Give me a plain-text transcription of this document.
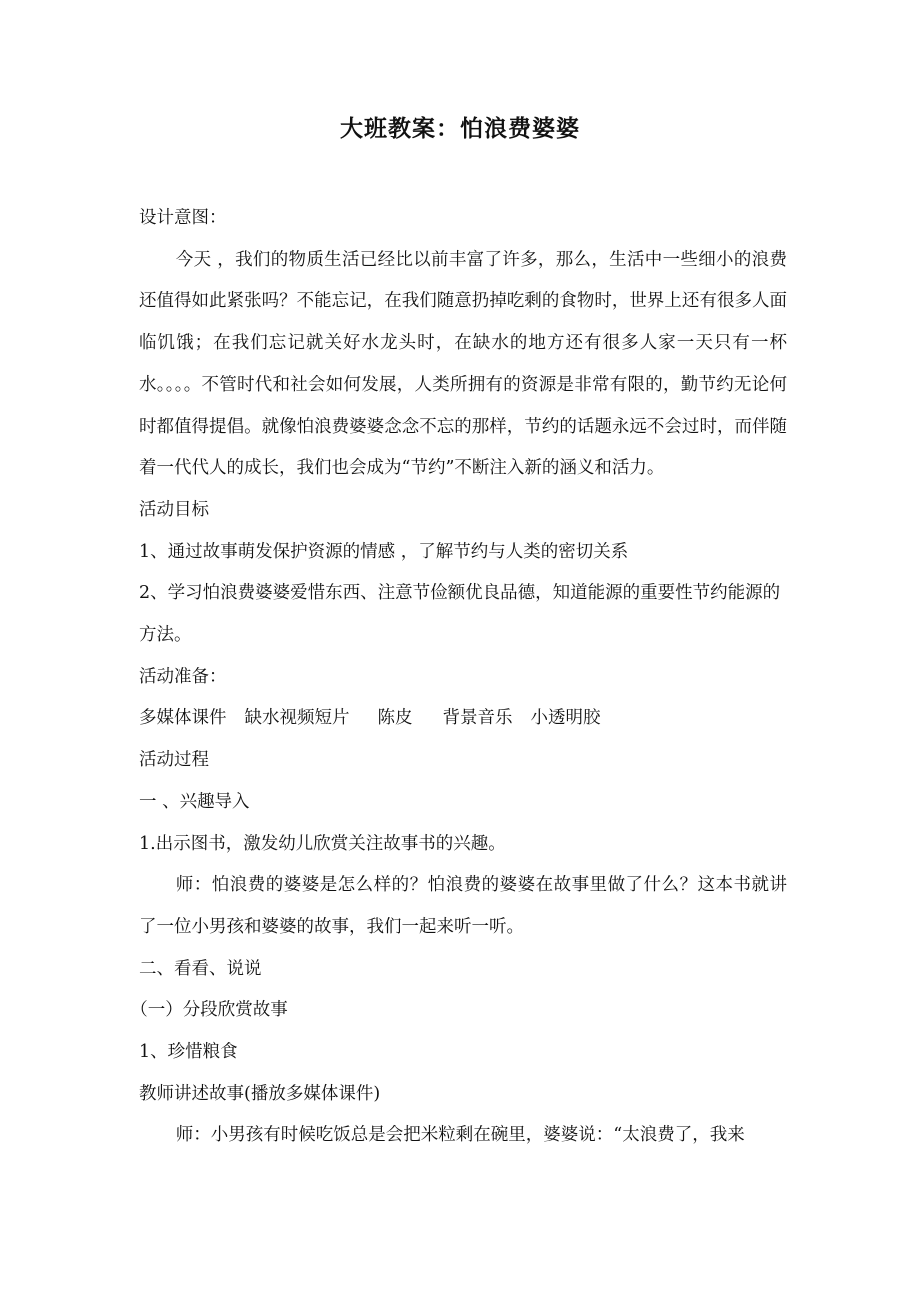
大班教案：怕浪费婆婆

设计意图：

今天 ，我们的物质生活已经比以前丰富了许多，那么，生活中一些细小的浪费还值得如此紧张吗？不能忘记，在我们随意扔掉吃剩的食物时，世界上还有很多人面临饥饿；在我们忘记就关好水龙头时，在缺水的地方还有很多人家一天只有一杯水。。。。不管时代和社会如何发展，人类所拥有的资源是非常有限的，勤节约无论何时都值得提倡。就像怕浪费婆婆念念不忘的那样，节约的话题永远不会过时，而伴随着一代代人的成长，我们也会成为“节约”不断注入新的涵义和活力。

活动目标

1、通过故事萌发保护资源的情感 ，了解节约与人类的密切关系

2、学习怕浪费婆婆爱惜东西、注意节俭额优良品德，知道能源的重要性节约能源的方法。

活动准备：

多媒体课件 缺水视频短片 陈皮 背景音乐 小透明胶

活动过程

一 、兴趣导入

1.出示图书，激发幼儿欣赏关注故事书的兴趣。

师：怕浪费的婆婆是怎么样的？怕浪费的婆婆在故事里做了什么？这本书就讲了一位小男孩和婆婆的故事，我们一起来听一听。

二、看看、说说

（一）分段欣赏故事

1、珍惜粮食

教师讲述故事(播放多媒体课件)

师：小男孩有时候吃饭总是会把米粒剩在碗里，婆婆说：“太浪费了，我来
